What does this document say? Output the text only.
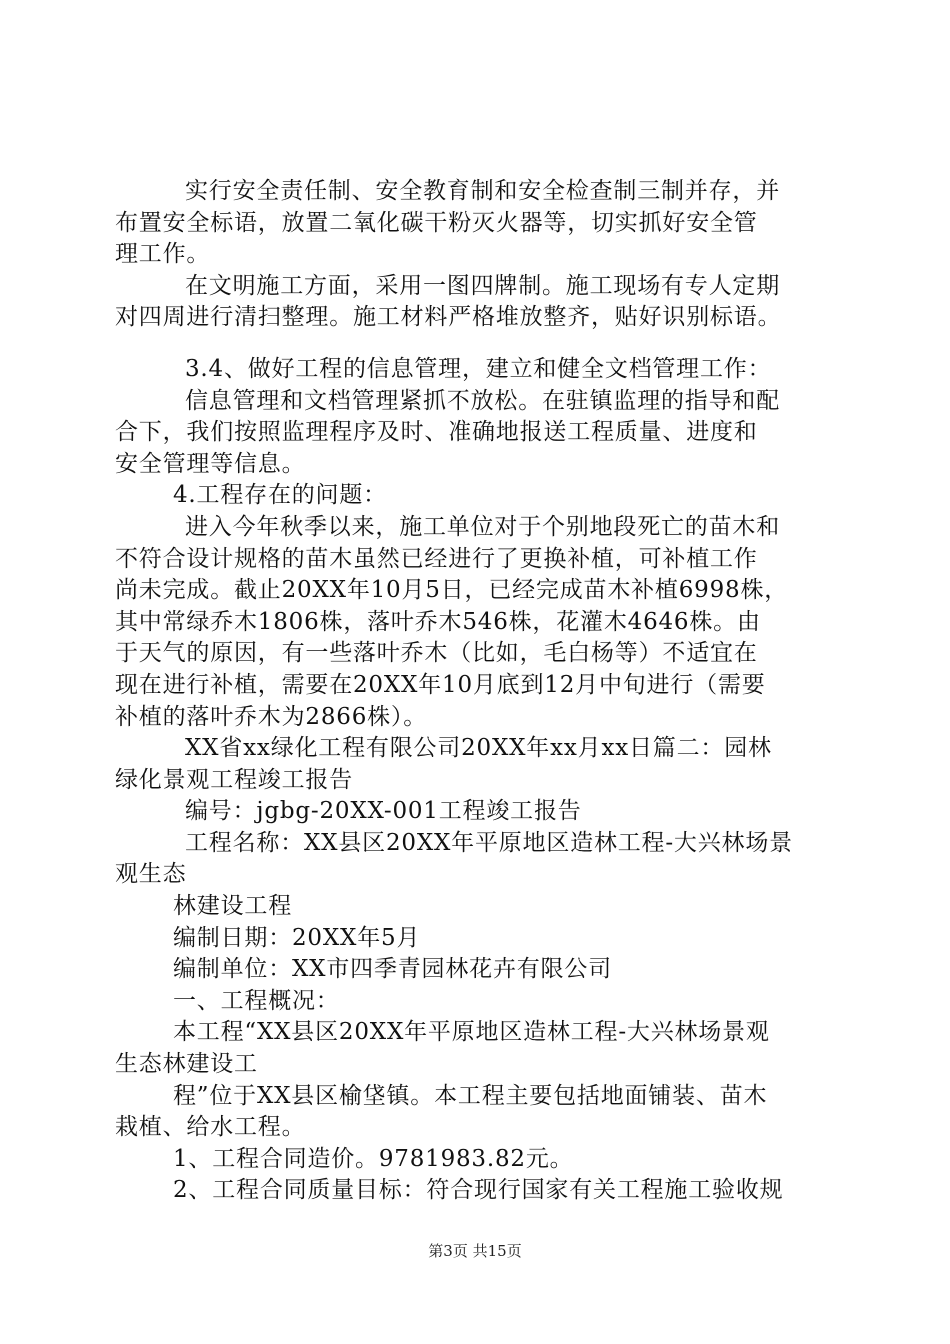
实行安全责任制、安全教育制和安全检查制三制并存，并
布置安全标语，放置二氧化碳干粉灭火器等，切实抓好安全管
理工作。
在文明施工方面，采用一图四牌制。施工现场有专人定期
对四周进行清扫整理。施工材料严格堆放整齐，贴好识别标语。
3.4、做好工程的信息管理，建立和健全文档管理工作：
信息管理和文档管理紧抓不放松。在驻镇监理的指导和配
合下，我们按照监理程序及时、准确地报送工程质量、进度和
安全管理等信息。
4.工程存在的问题：
进入今年秋季以来，施工单位对于个别地段死亡的苗木和
不符合设计规格的苗木虽然已经进行了更换补植，可补植工作
尚未完成。截止20XX年10月5日，已经完成苗木补植6998株，
其中常绿乔木1806株，落叶乔木546株，花灌木4646株。由
于天气的原因，有一些落叶乔木（比如，毛白杨等）不适宜在
现在进行补植，需要在20XX年10月底到12月中旬进行（需要
补植的落叶乔木为2866株）。
XX省xx绿化工程有限公司20XX年xx月xx日篇二：园林
绿化景观工程竣工报告
编号：jgbg-20XX-001工程竣工报告
工程名称：XX县区20XX年平原地区造林工程-大兴林场景
观生态
林建设工程
编制日期：20XX年5月
编制单位：XX市四季青园林花卉有限公司
一、工程概况：
本工程“XX县区20XX年平原地区造林工程-大兴林场景观
生态林建设工
程”位于XX县区榆垡镇。本工程主要包括地面铺装、苗木
栽植、给水工程。
1、工程合同造价。9781983.82元。
2、工程合同质量目标：符合现行国家有关工程施工验收规
第3页 共15页
